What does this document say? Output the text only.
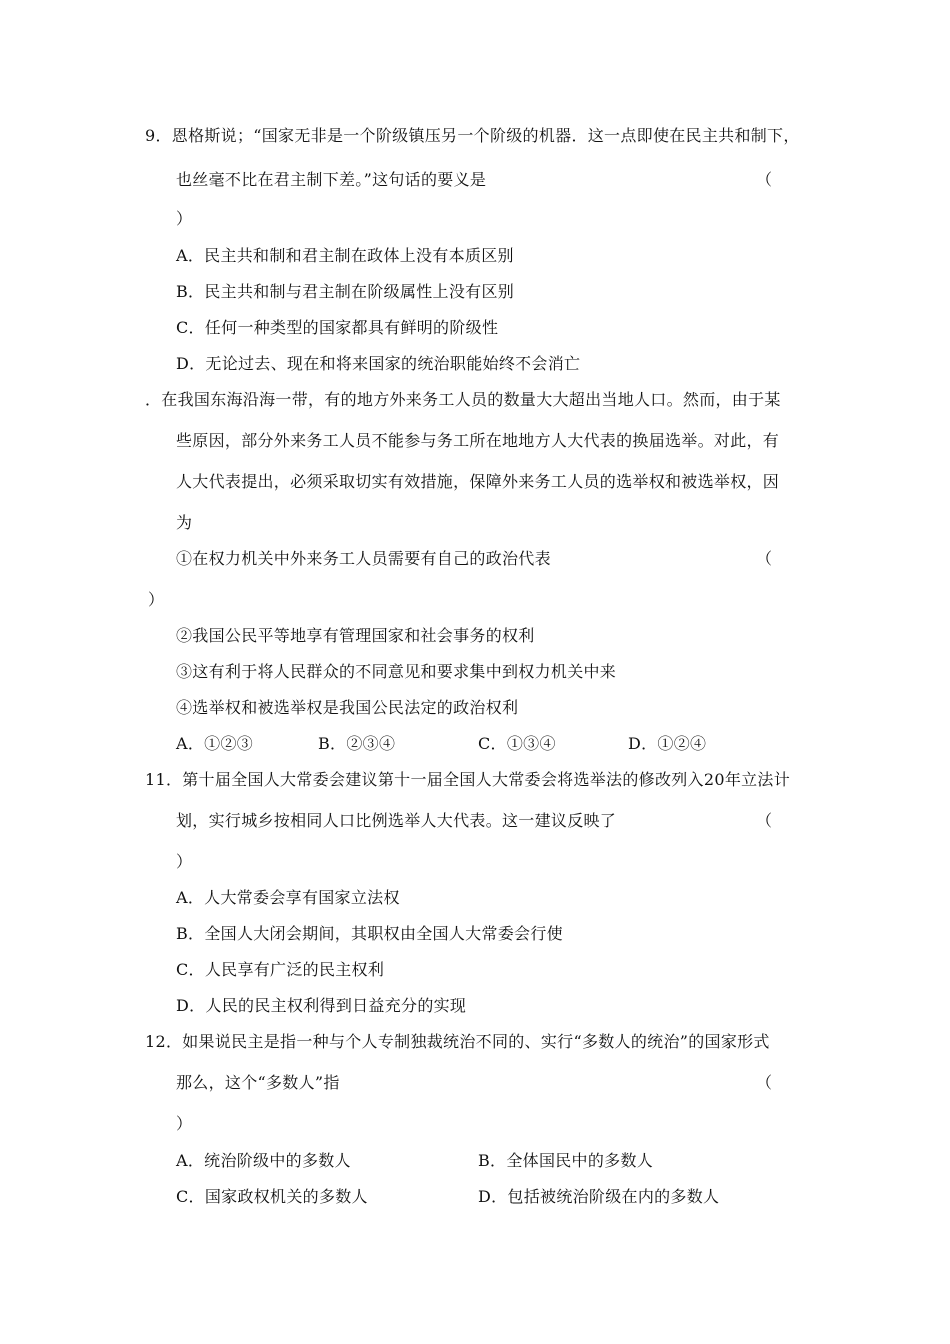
9．恩格斯说；“国家无非是一个阶级镇压另一个阶级的机器．这一点即使在民主共和制下，
也丝毫不比在君主制下差。”这句话的要义是	（
）
A．民主共和制和君主制在政体上没有本质区别
B．民主共和制与君主制在阶级属性上没有区别
C．任何一种类型的国家都具有鲜明的阶级性
D．无论过去、现在和将来国家的统治职能始终不会消亡
．在我国东海沿海一带，有的地方外来务工人员的数量大大超出当地人口。然而，由于某
些原因，部分外来务工人员不能参与务工所在地地方人大代表的换届选举。对此，有
人大代表提出，必须采取切实有效措施，保障外来务工人员的选举权和被选举权，因
为
①在权力机关中外来务工人员需要有自己的政治代表	（
）
②我国公民平等地享有管理国家和社会事务的权利
③这有利于将人民群众的不同意见和要求集中到权力机关中来
④选举权和被选举权是我国公民法定的政治权利
A．①②③	B．②③④	C．①③④	D．①②④
11．第十届全国人大常委会建议第十一届全国人大常委会将选举法的修改列入20年立法计
划，实行城乡按相同人口比例选举人大代表。这一建议反映了	（
）
A．人大常委会享有国家立法权
B．全国人大闭会期间，其职权由全国人大常委会行使
C．人民享有广泛的民主权利
D．人民的民主权利得到日益充分的实现
12．如果说民主是指一种与个人专制独裁统治不同的、实行“多数人的统治”的国家形式
那么，这个“多数人”指	（
）
A．统治阶级中的多数人	B．全体国民中的多数人
C．国家政权机关的多数人	D．包括被统治阶级在内的多数人
